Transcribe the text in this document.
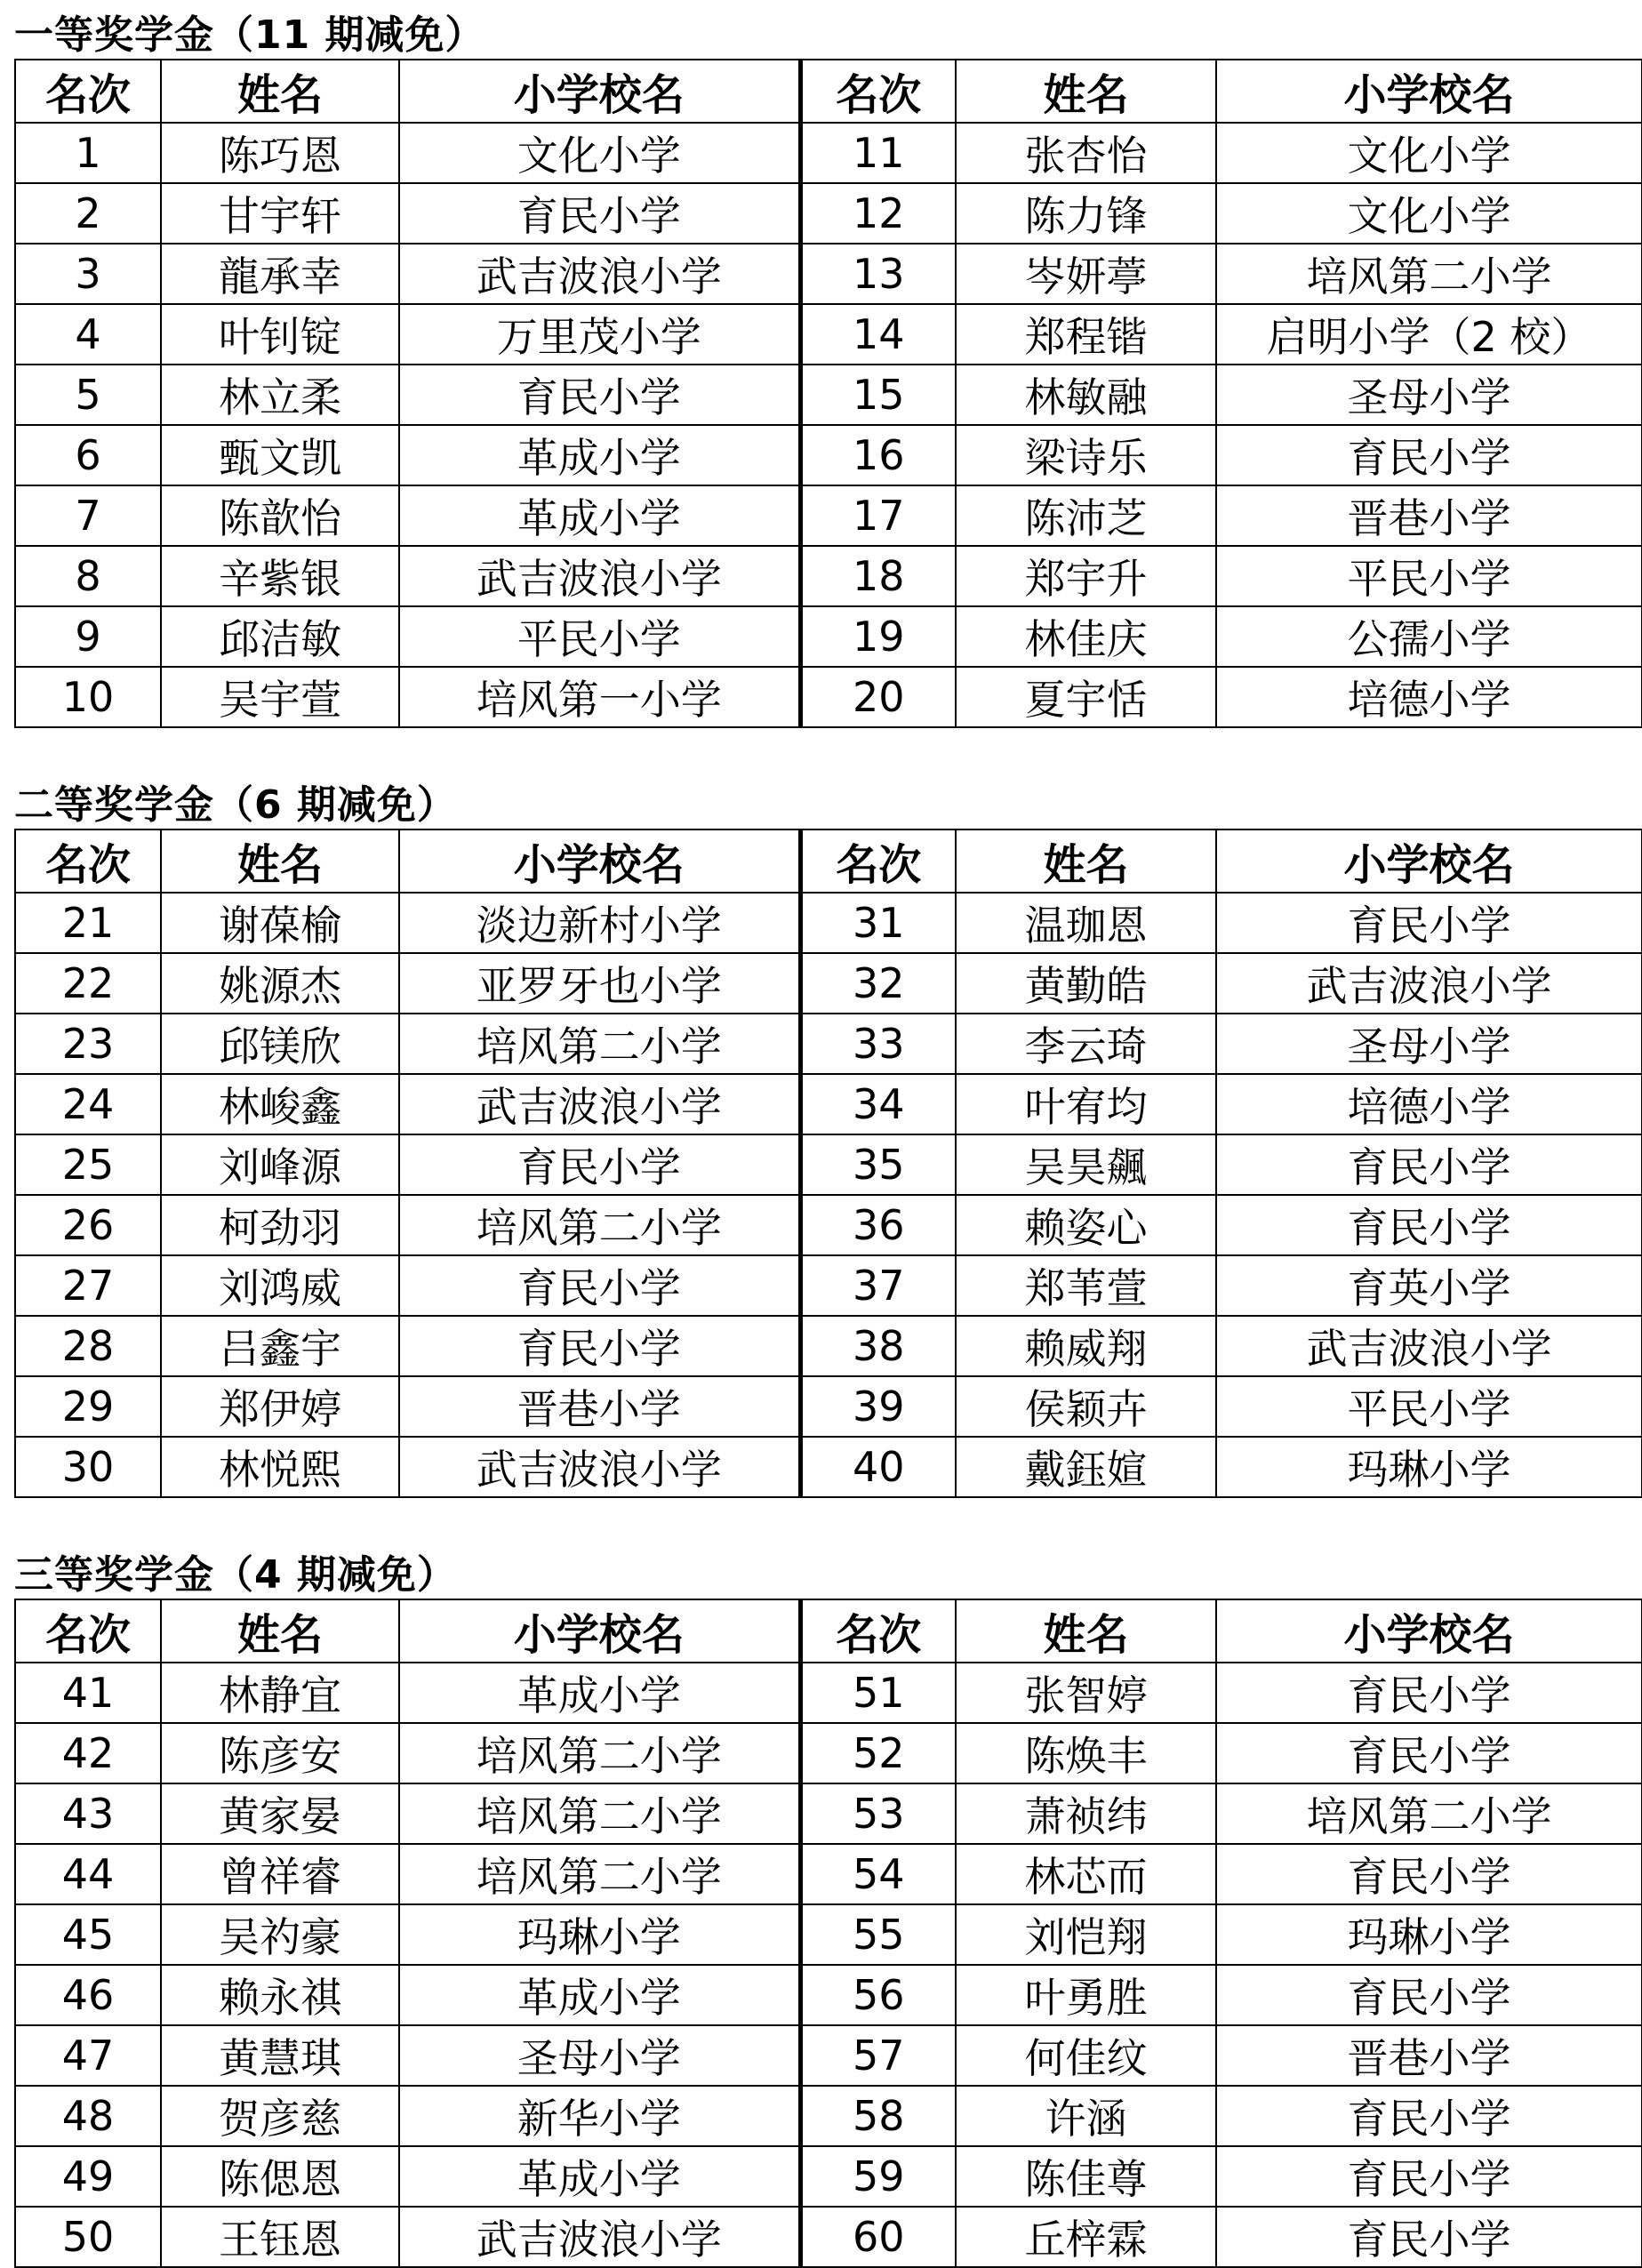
一等奖学金（11 期减免）
名次	姓名	小学校名	名次	姓名	小学校名
1	陈巧恩	文化小学	11	张杏怡	文化小学
2	甘宇轩	育民小学	12	陈力锋	文化小学
3	龍承幸	武吉波浪小学	13	岑妍葶	培风第二小学
4	叶钊锭	万里茂小学	14	郑程锴	启明小学（2 校）
5	林立柔	育民小学	15	林敏融	圣母小学
6	甄文凯	革成小学	16	梁诗乐	育民小学
7	陈歆怡	革成小学	17	陈沛芝	晋巷小学
8	辛紫银	武吉波浪小学	18	郑宇升	平民小学
9	邱洁敏	平民小学	19	林佳庆	公孺小学
10	吴宇萱	培风第一小学	20	夏宇恬	培德小学
二等奖学金（6 期减免）
名次	姓名	小学校名	名次	姓名	小学校名
21	谢葆榆	淡边新村小学	31	温珈恩	育民小学
22	姚源杰	亚罗牙也小学	32	黄勤皓	武吉波浪小学
23	邱镁欣	培风第二小学	33	李云琦	圣母小学
24	林峻鑫	武吉波浪小学	34	叶宥均	培德小学
25	刘峰源	育民小学	35	吴昊飆	育民小学
26	柯劲羽	培风第二小学	36	赖姿心	育民小学
27	刘鸿威	育民小学	37	郑苇萱	育英小学
28	吕鑫宇	育民小学	38	赖威翔	武吉波浪小学
29	郑伊婷	晋巷小学	39	侯颖卉	平民小学
30	林悦熙	武吉波浪小学	40	戴鈺媗	玛琳小学
三等奖学金（4 期减免）
名次	姓名	小学校名	名次	姓名	小学校名
41	林静宜	革成小学	51	张智婷	育民小学
42	陈彦安	培风第二小学	52	陈焕丰	育民小学
43	黄家晏	培风第二小学	53	萧祯纬	培风第二小学
44	曾祥睿	培风第二小学	54	林芯而	育民小学
45	吴礿豪	玛琳小学	55	刘恺翔	玛琳小学
46	赖永祺	革成小学	56	叶勇胜	育民小学
47	黄慧琪	圣母小学	57	何佳纹	晋巷小学
48	贺彦慈	新华小学	58	许涵	育民小学
49	陈偲恩	革成小学	59	陈佳尊	育民小学
50	王钰恩	武吉波浪小学	60	丘梓霖	育民小学
